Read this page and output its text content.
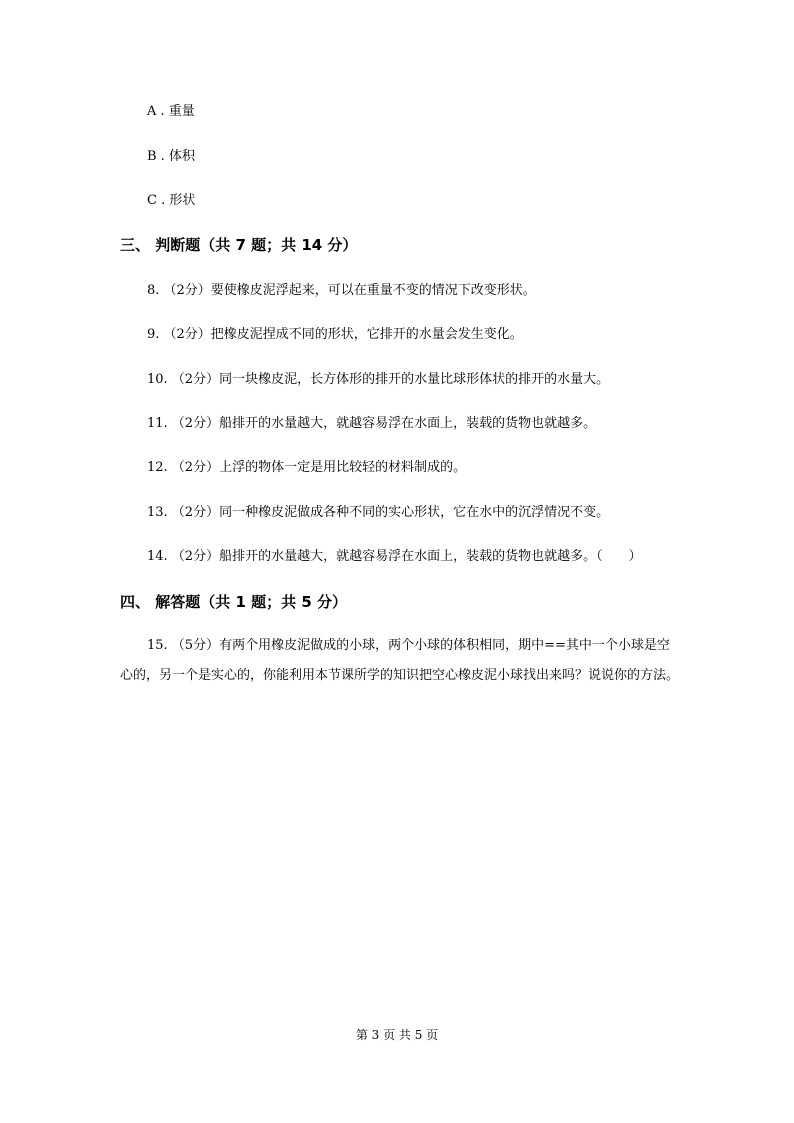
A . 重量
B . 体积
C . 形状
三、 判断题（共 7 题；共 14 分）
8. （2分）要使橡皮泥浮起来，可以在重量不变的情况下改变形状。
9. （2分）把橡皮泥捏成不同的形状，它排开的水量会发生变化。
10. （2分）同一块橡皮泥，长方体形的排开的水量比球形体状的排开的水量大。
11. （2分）船排开的水量越大，就越容易浮在水面上，装载的货物也就越多。
12. （2分）上浮的物体一定是用比较轻的材料制成的。
13. （2分）同一种橡皮泥做成各种不同的实心形状，它在水中的沉浮情况不变。
14. （2分）船排开的水量越大，就越容易浮在水面上，装载的货物也就越多。（　　）
四、 解答题（共 1 题；共 5 分）
15. （5分）有两个用橡皮泥做成的小球，两个小球的体积相同，期中==其中一个小球是空心的，另一个是实心的，你能利用本节课所学的知识把空心橡皮泥小球找出来吗？说说你的方法。
第 3 页 共 5 页
